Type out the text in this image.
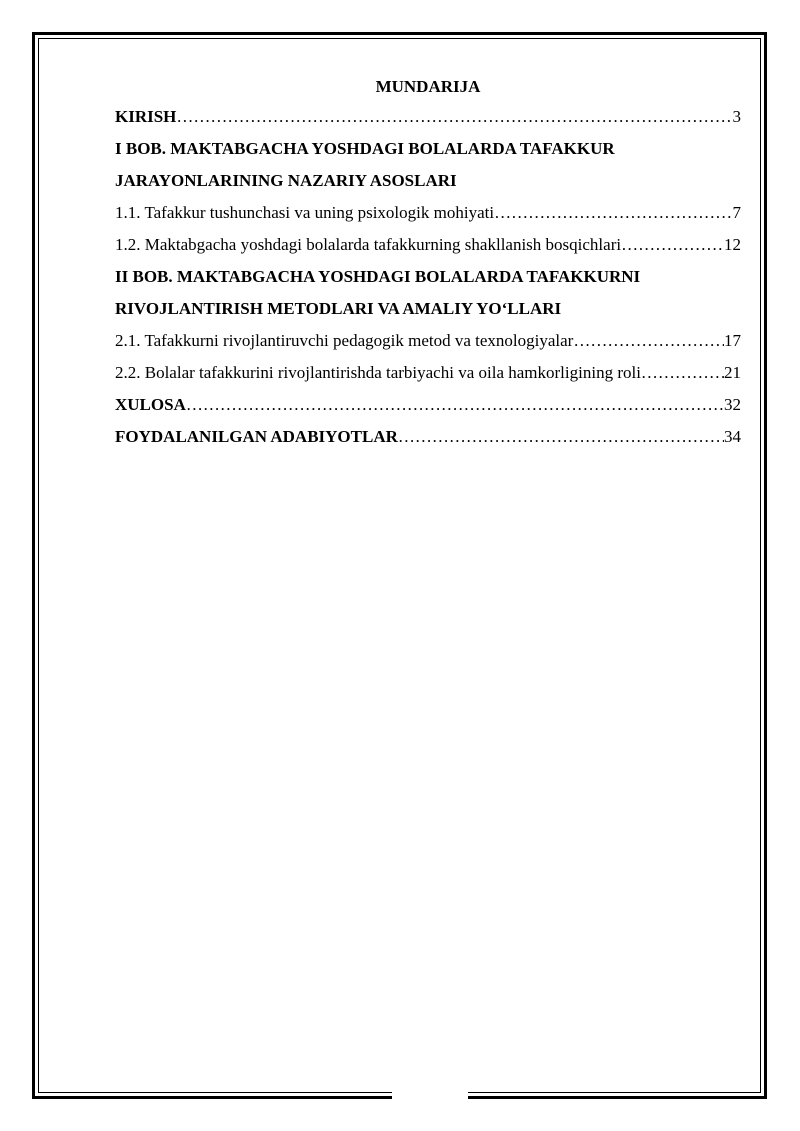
MUNDARIJA
KIRISH ……………………………………………………………………………………………………………………………………………………………………………………	3
I BOB. MAKTABGACHA YOSHDAGI BOLALARDA TAFAKKUR
JARAYONLARINING NAZARIY ASOSLARI
1.1. Tafakkur tushunchasi va uning psixologik mohiyati ……………………………………………………………………………………………………………………………………………………………………………………	7
1.2. Maktabgacha yoshdagi bolalarda tafakkurning shakllanish bosqichlari ……………………………………………………………………………………………………………………………………………………………………………………	12
II BOB. MAKTABGACHA YOSHDAGI BOLALARDA TAFAKKURNI
RIVOJLANTIRISH METODLARI VA AMALIY YO‘LLARI
2.1. Tafakkurni rivojlantiruvchi pedagogik metod va texnologiyalar ……………………………………………………………………………………………………………………………………………………………………………………	17
2.2. Bolalar tafakkurini rivojlantirishda tarbiyachi va oila hamkorligining roli ……………………………………………………………………………………………………………………………………………………………………………………	21
XULOSA ……………………………………………………………………………………………………………………………………………………………………………………	32
FOYDALANILGAN ADABIYOTLAR ……………………………………………………………………………………………………………………………………………………………………………………	34
